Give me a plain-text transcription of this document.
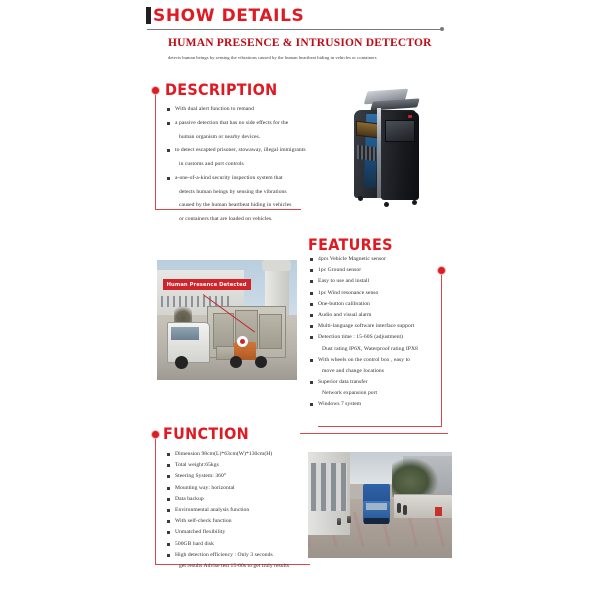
SHOW DETAILS
HUMAN PRESENCE & INTRUSION DETECTOR
detects human beings by sensing the vibrations caused by the human heartbeat hiding in vehicles or containers
DESCRIPTION
With dual alert function to remand
a passive detection that has no side effects for the
human organism or nearby devices.
to detect escapted prisoner, stowaway, illegal immigrants
in customs and port controls
a-one-of-a-kind security inspection system that
detects human beings by sensing the vibrations
caused by the human heartbeat hiding in vehicles
or containers that are loaded on vehicles.
FEATURES
4pcs Vehicle Magnetic sensor
1pc Ground sensor
Easy to use and install
1pc Wind resonance senso
One-button calibration
Audio and visual alarm
Multi-language software interface support
Detection time : 15-60S (adjustment)
Dust rating IP6X, Waterproof rating IPX8
With wheels on the control box , easy to
move and change locations
Superior data transfer
Network expansion port
Windows 7 system
Human Presence Detected
FUNCTION
Dimension 98cm(L)*63cm(W)*130cm(H)
Total weight:65kgs
Steering System: 360°
Mounting way: horizontal
Data backup
Environmental analysis function
With self-check function
Unmatched flexibility
500GB hard disk
High detection efficiency : Only 3 seconds
get results Advise test 15-60s to get truly results
